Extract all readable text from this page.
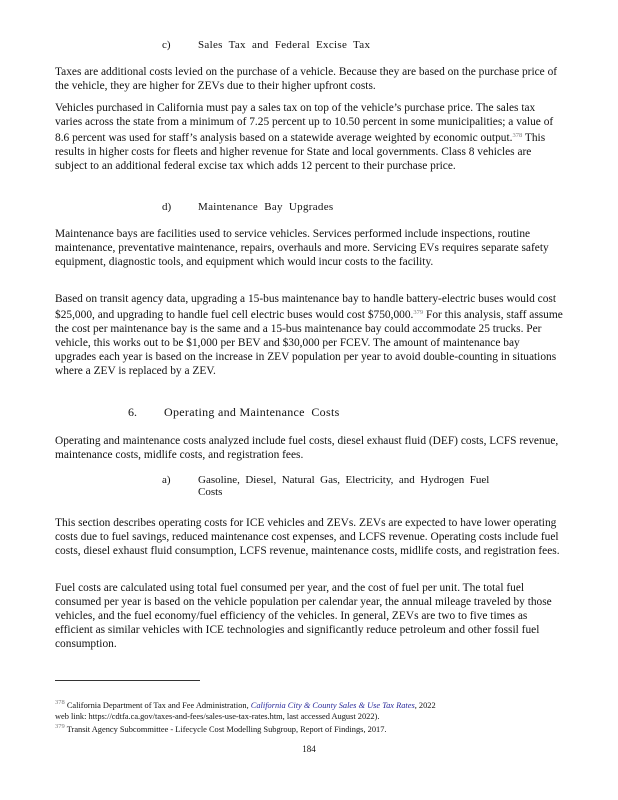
c) Sales  Tax  and  Federal  Excise  Tax

Taxes are additional costs levied on the purchase of a vehicle. Because they are based on the purchase price of the vehicle, they are higher for ZEVs due to their higher upfront costs.

Vehicles purchased in California must pay a sales tax on top of the vehicle’s purchase price. The sales tax varies across the state from a minimum of 7.25 percent up to 10.50 percent in some municipalities; a value of 8.6 percent was used for staff’s analysis based on a statewide average weighted by economic output.$^{378}$ This results in higher costs for fleets and higher revenue for State and local governments. Class 8 vehicles are subject to an additional federal excise tax which adds 12 percent to their purchase price.

d) Maintenance  Bay  Upgrades

Maintenance bays are facilities used to service vehicles. Services performed include inspections, routine maintenance, preventative maintenance, repairs, overhauls and more. Servicing EVs requires separate safety equipment, diagnostic tools, and equipment which would incur costs to the facility.

Based on transit agency data, upgrading a 15-bus maintenance bay to handle battery-electric buses would cost $25,000, and upgrading to handle fuel cell electric buses would cost $750,000.$^{379}$ For this analysis, staff assume the cost per maintenance bay is the same and a 15-bus maintenance bay could accommodate 25 trucks. Per vehicle, this works out to be $1,000 per BEV and $30,000 per FCEV. The amount of maintenance bay upgrades each year is based on the increase in ZEV population per year to avoid double-counting in situations where a ZEV is replaced by a ZEV.

6. Operating and Maintenance  Costs

Operating and maintenance costs analyzed include fuel costs, diesel exhaust fluid (DEF) costs, LCFS revenue, maintenance costs, midlife costs, and registration fees.

a) Gasoline,  Diesel,  Natural  Gas,  Electricity,  and  Hydrogen  Fuel
Costs

This section describes operating costs for ICE vehicles and ZEVs. ZEVs are expected to have lower operating costs due to fuel savings, reduced maintenance cost expenses, and LCFS revenue. Operating costs include fuel costs, diesel exhaust fluid consumption, LCFS revenue, maintenance costs, midlife costs, and registration fees.

Fuel costs are calculated using total fuel consumed per year, and the cost of fuel per unit. The total fuel consumed per year is based on the vehicle population per calendar year, the annual mileage traveled by those vehicles, and the fuel economy/fuel efficiency of the vehicles. In general, ZEVs are two to five times as efficient as similar vehicles with ICE technologies and significantly reduce petroleum and other fossil fuel consumption.

$^{378}$ California Department of Tax and Fee Administration, California City & County Sales & Use Tax Rates, 2022
web link: https://cdtfa.ca.gov/taxes-and-fees/sales-use-tax-rates.htm, last accessed August 2022).

$^{379}$ Transit Agency Subcommittee - Lifecycle Cost Modelling Subgroup, Report of Findings, 2017.

184
